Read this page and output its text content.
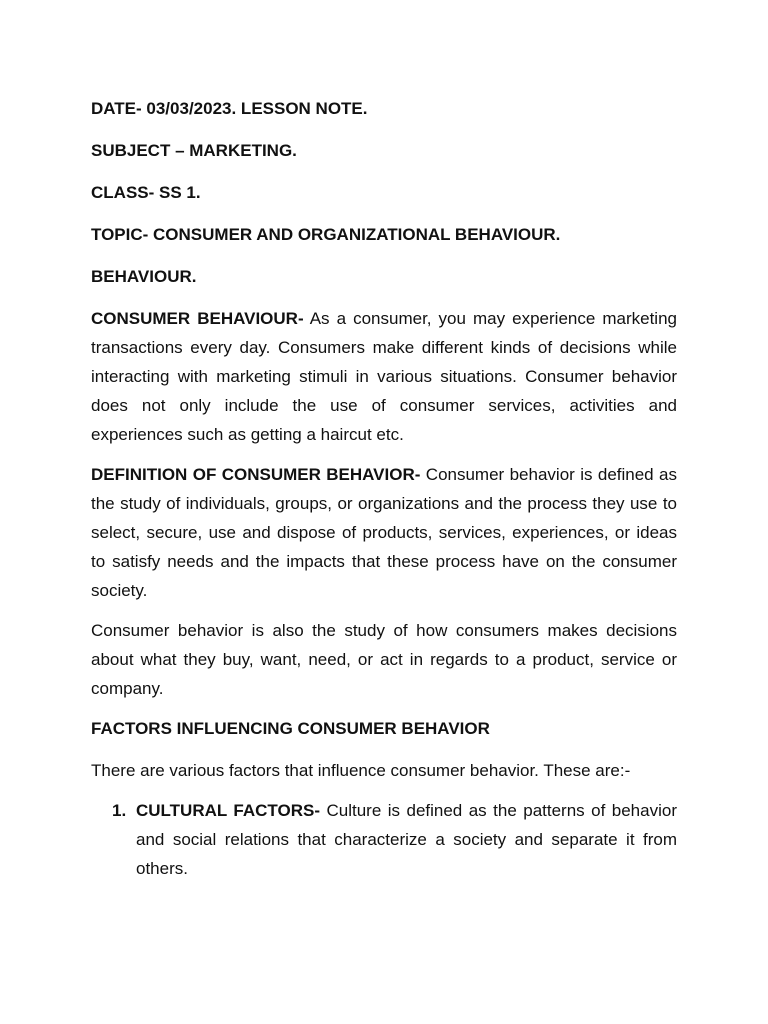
DATE- 03/03/2023. LESSON NOTE.
SUBJECT – MARKETING.
CLASS- SS 1.
TOPIC- CONSUMER AND ORGANIZATIONAL BEHAVIOUR.
BEHAVIOUR.

CONSUMER BEHAVIOUR- As a consumer, you may experience marketing transactions every day. Consumers make different kinds of decisions while interacting with marketing stimuli in various situations. Consumer behavior does not only include the use of consumer services, activities and experiences such as getting a haircut etc.

DEFINITION OF CONSUMER BEHAVIOR- Consumer behavior is defined as the study of individuals, groups, or organizations and the process they use to select, secure, use and dispose of products, services, experiences, or ideas to satisfy needs and the impacts that these process have on the consumer society.

Consumer behavior is also the study of how consumers makes decisions about what they buy, want, need, or act in regards to a product, service or company.

FACTORS INFLUENCING CONSUMER BEHAVIOR

There are various factors that influence consumer behavior. These are:-

1. CULTURAL FACTORS- Culture is defined as the patterns of behavior and social relations that characterize a society and separate it from others.
